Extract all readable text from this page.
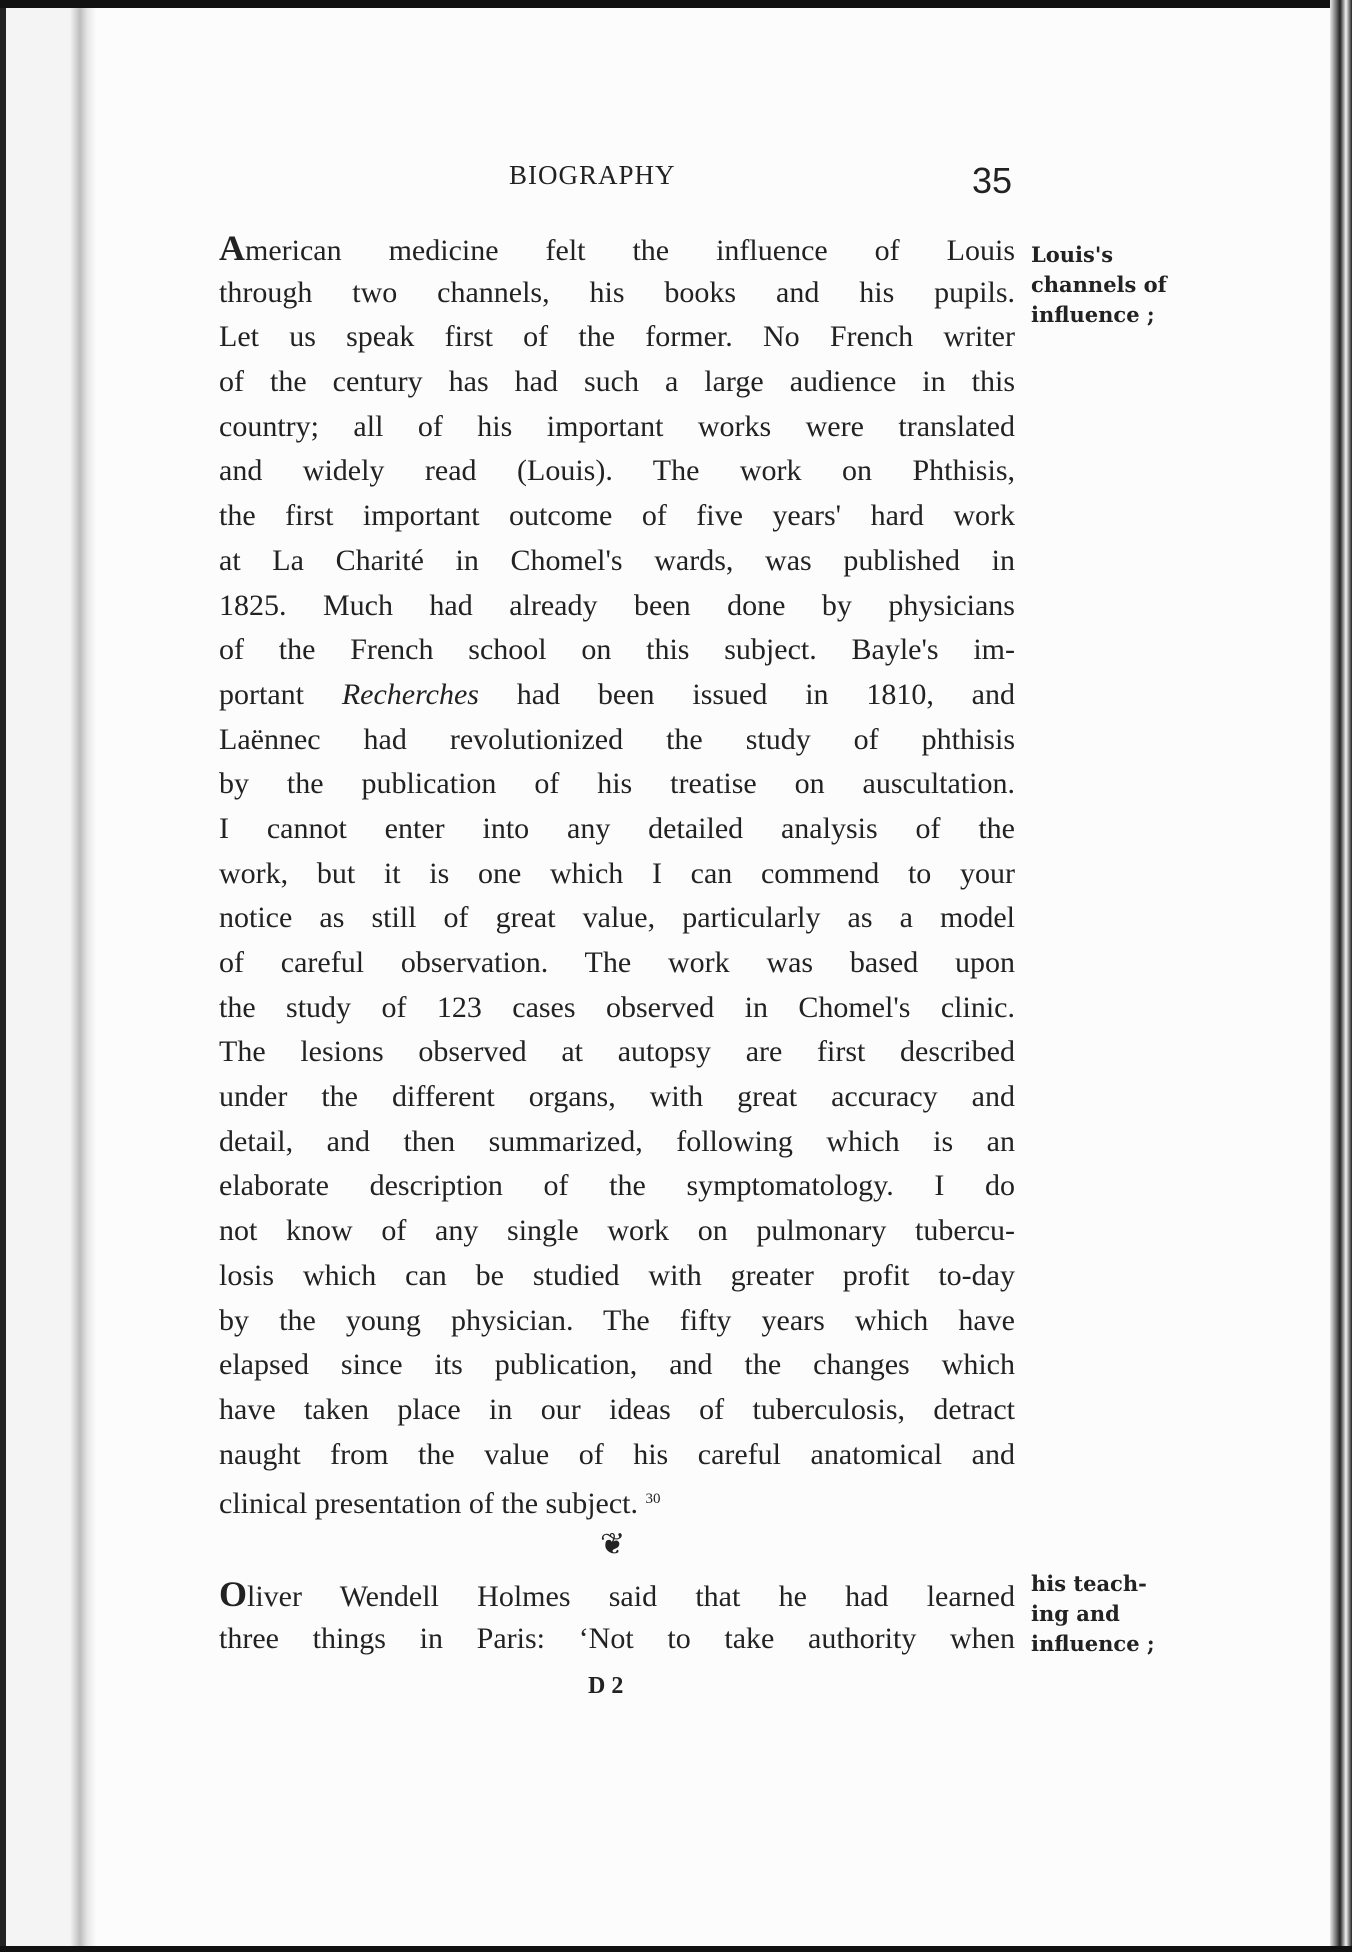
BIOGRAPHY	35
American medicine felt the influence of Louis
through two channels, his books and his pupils.
Let us speak first of the former. No French writer
of the century has had such a large audience in this
country; all of his important works were translated
and widely read (Louis). The work on Phthisis,
the first important outcome of five years' hard work
at La Charité in Chomel's wards, was published in
1825. Much had already been done by physicians
of the French school on this subject. Bayle's im-
portant Recherches had been issued in 1810, and
Laënnec had revolutionized the study of phthisis
by the publication of his treatise on auscultation.
I cannot enter into any detailed analysis of the
work, but it is one which I can commend to your
notice as still of great value, particularly as a model
of careful observation. The work was based upon
the study of 123 cases observed in Chomel's clinic.
The lesions observed at autopsy are first described
under the different organs, with great accuracy and
detail, and then summarized, following which is an
elaborate description of the symptomatology. I do
not know of any single work on pulmonary tubercu-
losis which can be studied with greater profit to-day
by the young physician. The fifty years which have
elapsed since its publication, and the changes which
have taken place in our ideas of tuberculosis, detract
naught from the value of his careful anatomical and
clinical presentation of the subject. $^{30}$
❦
Oliver Wendell Holmes said that he had learned
three things in Paris: ‘Not to take authority when
Louis's
channels of
influence ;
his teach-
ing and
influence ;
D 2
